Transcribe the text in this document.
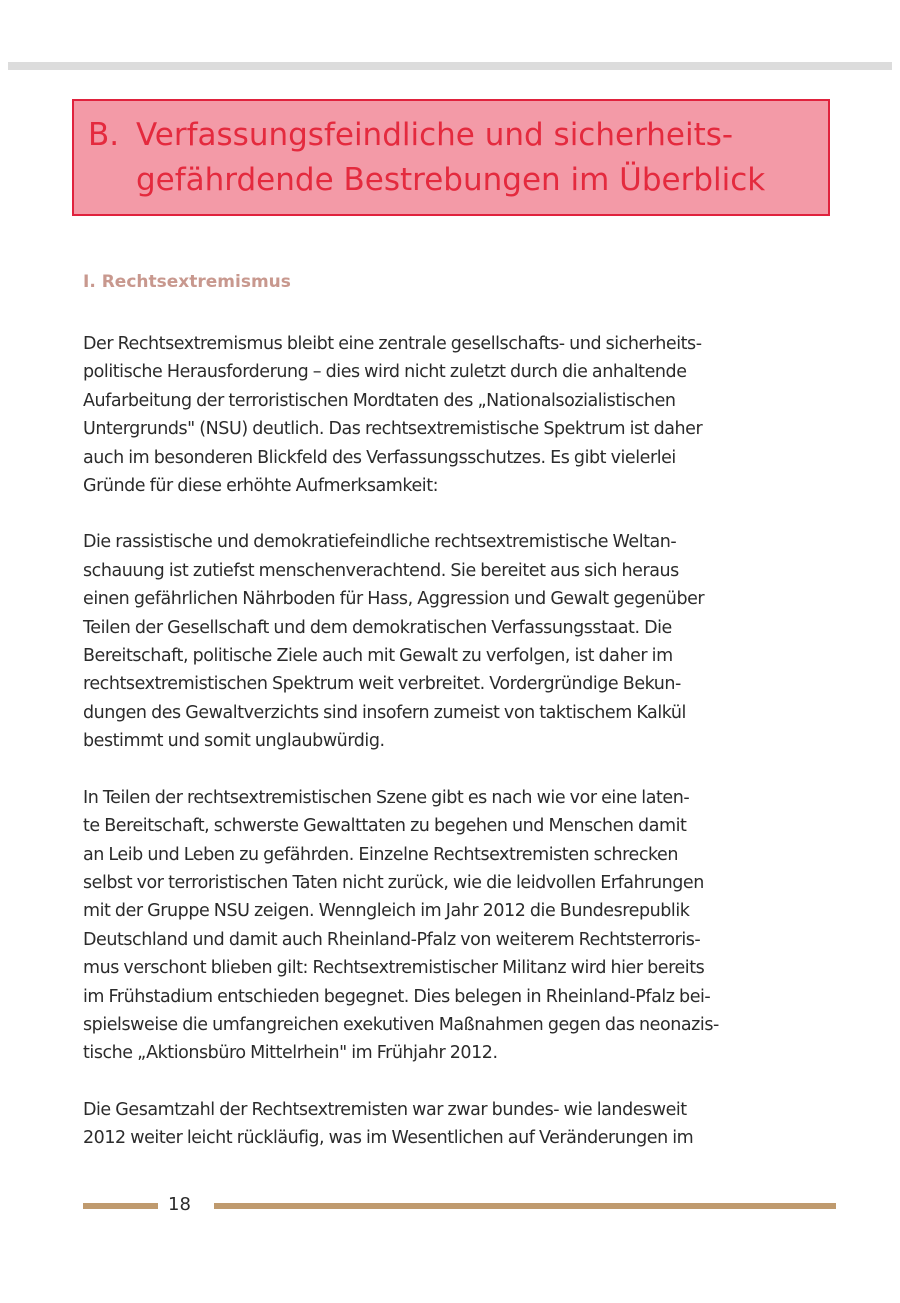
B. Verfassungsfeindliche und sicherheits-
gefährdende Bestrebungen im Überblick
I. Rechtsextremismus

Der Rechtsextremismus bleibt eine zentrale gesellschafts- und sicherheits-
politische Herausforderung – dies wird nicht zuletzt durch die anhaltende
Aufarbeitung der terroristischen Mordtaten des „Nationalsozialistischen
Untergrunds" (NSU) deutlich. Das rechtsextremistische Spektrum ist daher
auch im besonderen Blickfeld des Verfassungsschutzes. Es gibt vielerlei
Gründe für diese erhöhte Aufmerksamkeit:

Die rassistische und demokratiefeindliche rechtsextremistische Weltan-
schauung ist zutiefst menschenverachtend. Sie bereitet aus sich heraus
einen gefährlichen Nährboden für Hass, Aggression und Gewalt gegenüber
Teilen der Gesellschaft und dem demokratischen Verfassungsstaat. Die
Bereitschaft, politische Ziele auch mit Gewalt zu verfolgen, ist daher im
rechtsextremistischen Spektrum weit verbreitet. Vordergründige Bekun-
dungen des Gewaltverzichts sind insofern zumeist von taktischem Kalkül
bestimmt und somit unglaubwürdig.

In Teilen der rechtsextremistischen Szene gibt es nach wie vor eine laten-
te Bereitschaft, schwerste Gewalttaten zu begehen und Menschen damit
an Leib und Leben zu gefährden. Einzelne Rechtsextremisten schrecken
selbst vor terroristischen Taten nicht zurück, wie die leidvollen Erfahrungen
mit der Gruppe NSU zeigen. Wenngleich im Jahr 2012 die Bundesrepublik
Deutschland und damit auch Rheinland-Pfalz von weiterem Rechtsterroris-
mus verschont blieben gilt: Rechtsextremistischer Militanz wird hier bereits
im Frühstadium entschieden begegnet. Dies belegen in Rheinland-Pfalz bei-
spielsweise die umfangreichen exekutiven Maßnahmen gegen das neonazis-
tische „Aktionsbüro Mittelrhein" im Frühjahr 2012.

Die Gesamtzahl der Rechtsextremisten war zwar bundes- wie landesweit
2012 weiter leicht rückläufig, was im Wesentlichen auf Veränderungen im

18
